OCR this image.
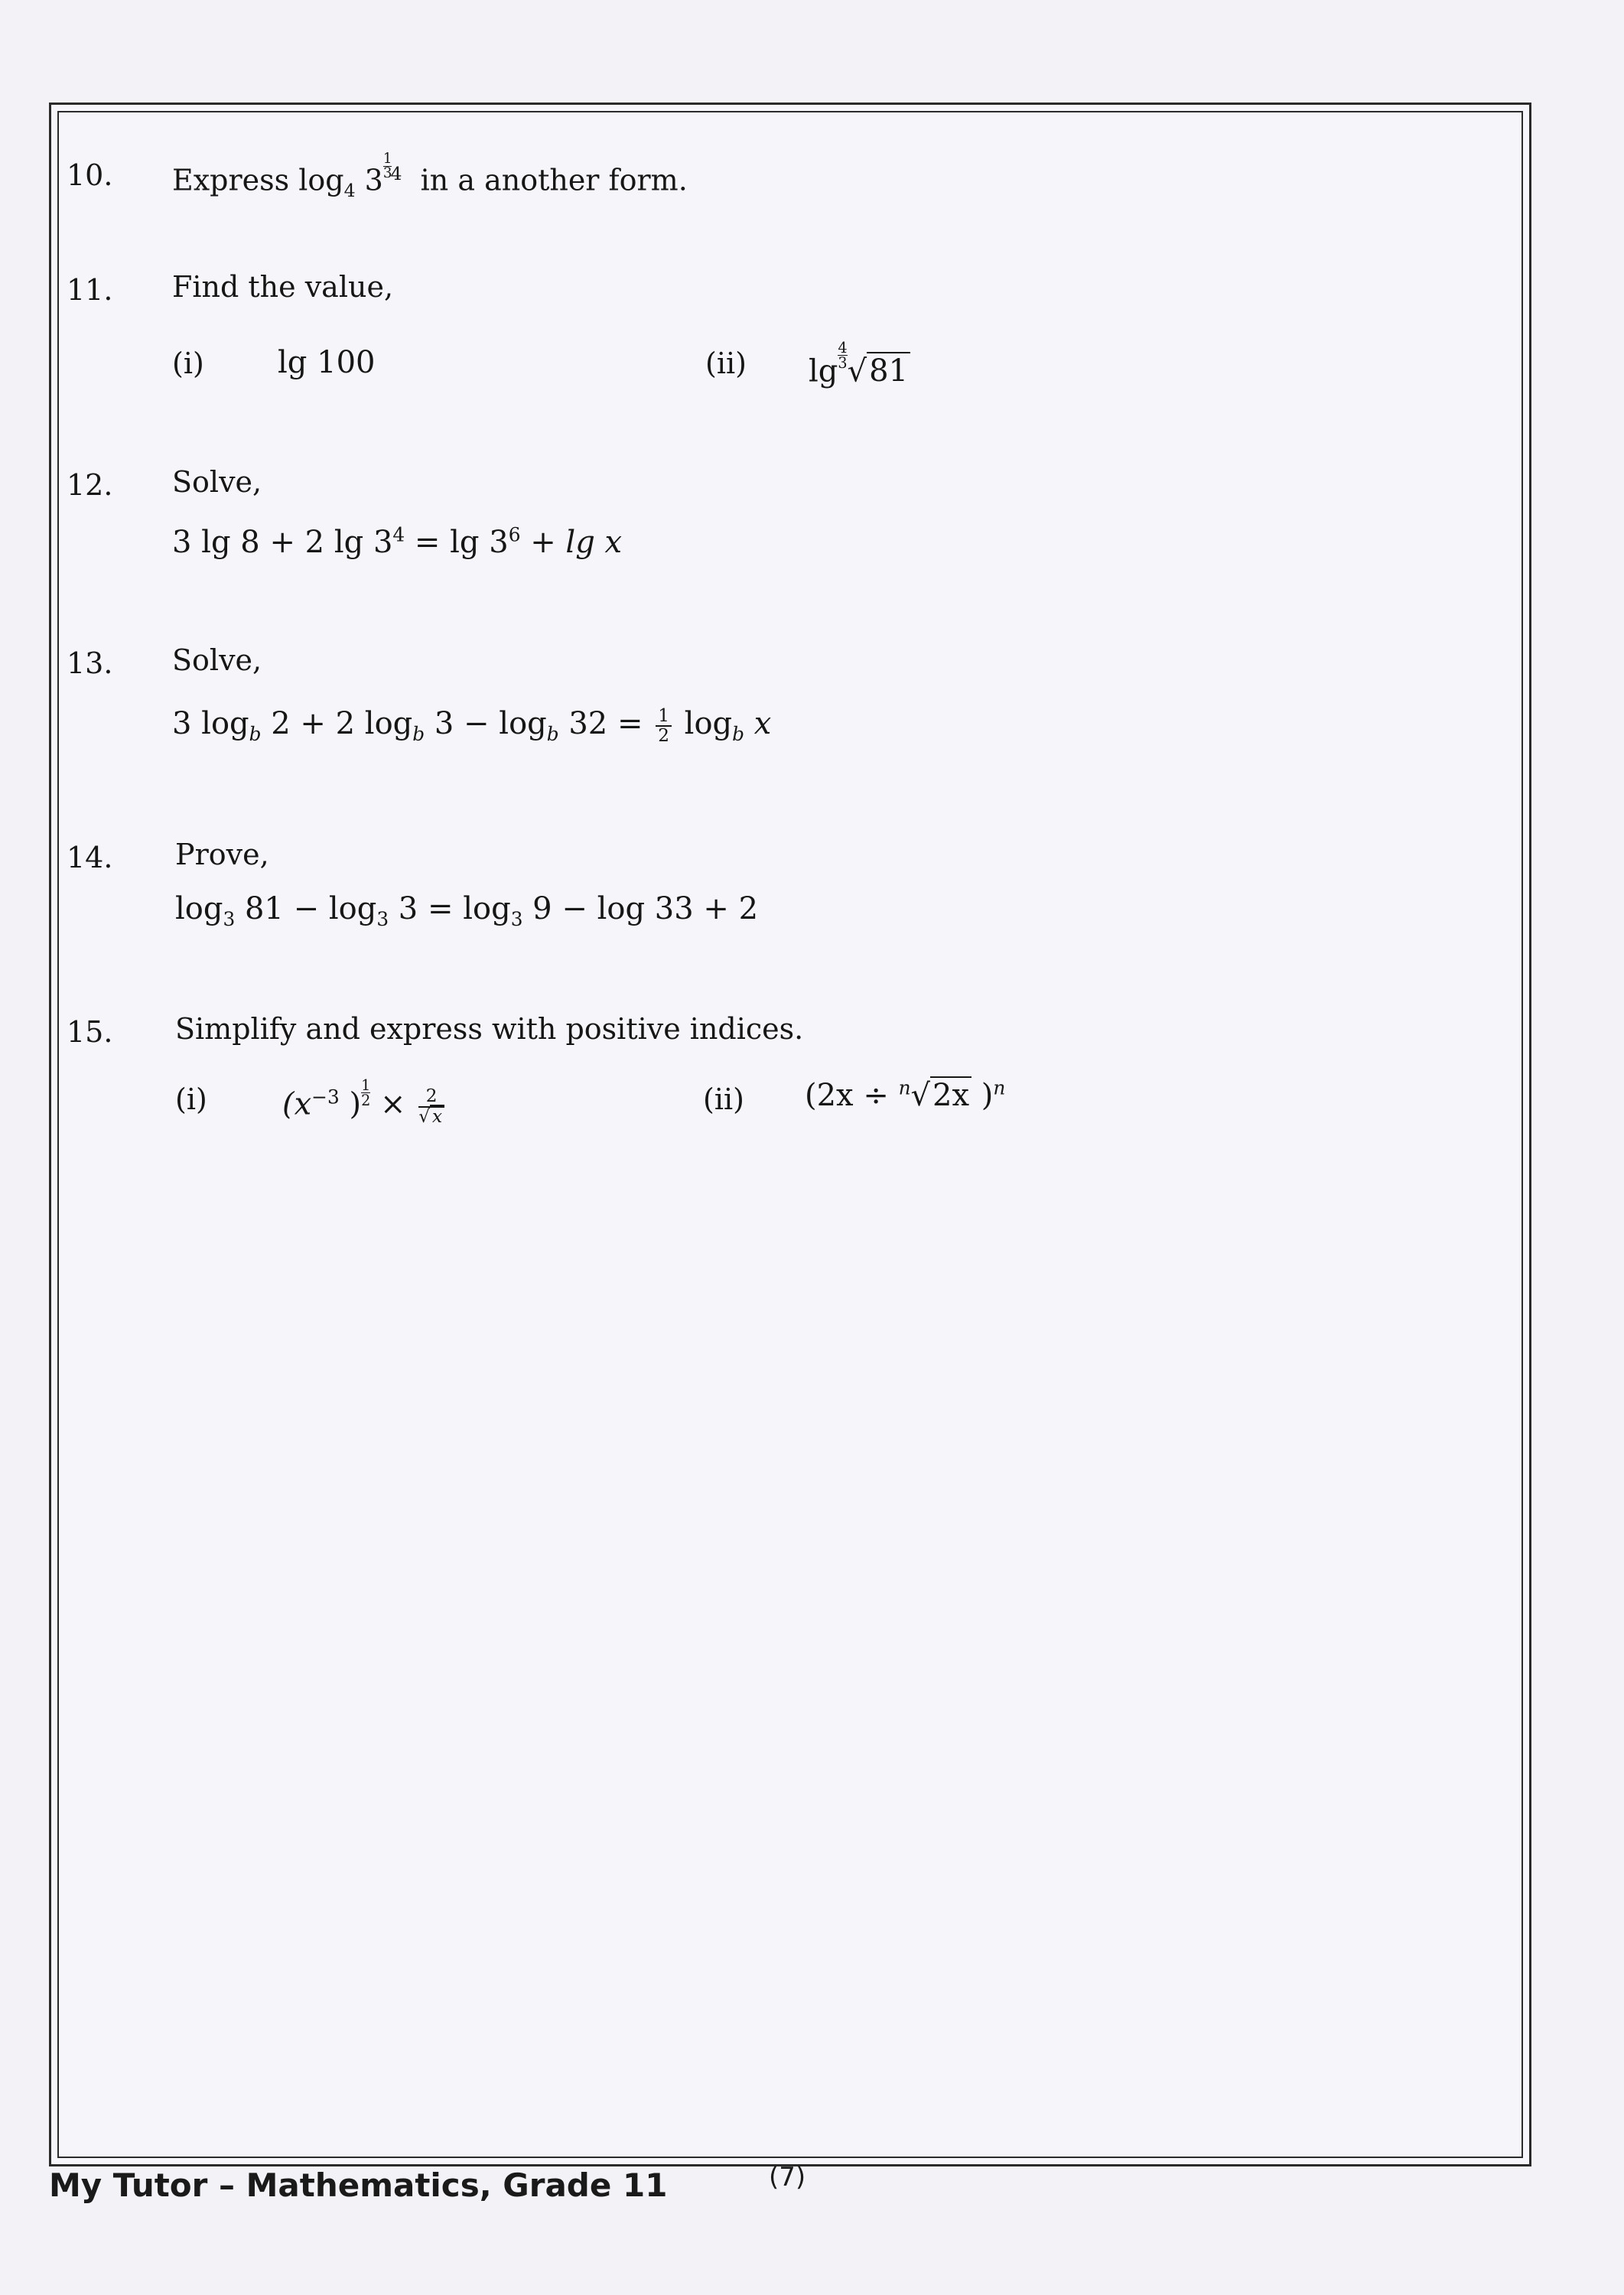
10. Express $\log_4 3 \frac{1}{3}$
$^4$ in a another form.
11. Find the value,
(i) lg 100	(ii) $\lg \frac{4}{3} √81$
12. Solve,
3 lg 8 + 2 $\lg 3^4 = \lg 3^6 + \lg x$
13. Solve,
3 $\log_b 2 + 2$ $\log_b 3 - \log_b 32 = \frac{1}{2} \log_b x$
14. Prove,
$\log_3 81 - \log_3 3 = \log_3 9 - \log 33 + 2$
15. Simplify and express with positive indices.
(i) ($x^{-3}$ ) $\frac{1}{2} \times \frac{2}{√ x}$	(ii) (2x ÷ $^n$√2x )$^n$
My Tutor – Mathematics, Grade 11	(7)
